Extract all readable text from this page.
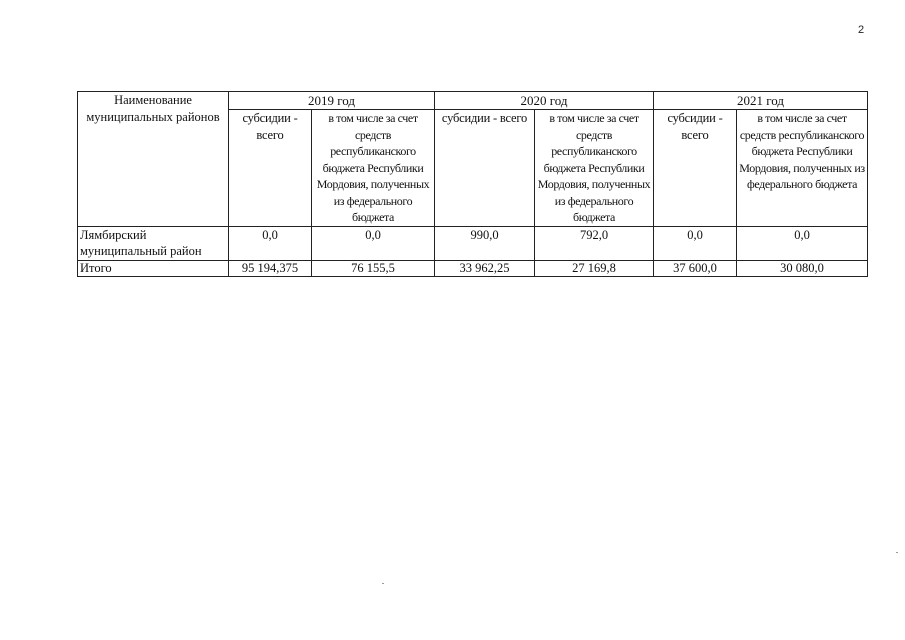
2
Наименование муниципальных районов	2019 год		2020 год		2021 год	
	субсидии - всего	в том числе за счет средств республиканского бюджета Республики Мордовия, полученных из федерального бюджета	субсидии - всего	в том числе за счет средств республиканского бюджета Республики Мордовия, полученных из федерального бюджета	субсидии - всего	в том числе за счет средств республиканского бюджета Республики Мордовия, полученных из федерального бюджета
Лямбирский муниципальный район	0,0	0,0	990,0	792,0	0,0	0,0
Итого	95 194,375	76 155,5	33 962,25	27 169,8	37 600,0	30 080,0
